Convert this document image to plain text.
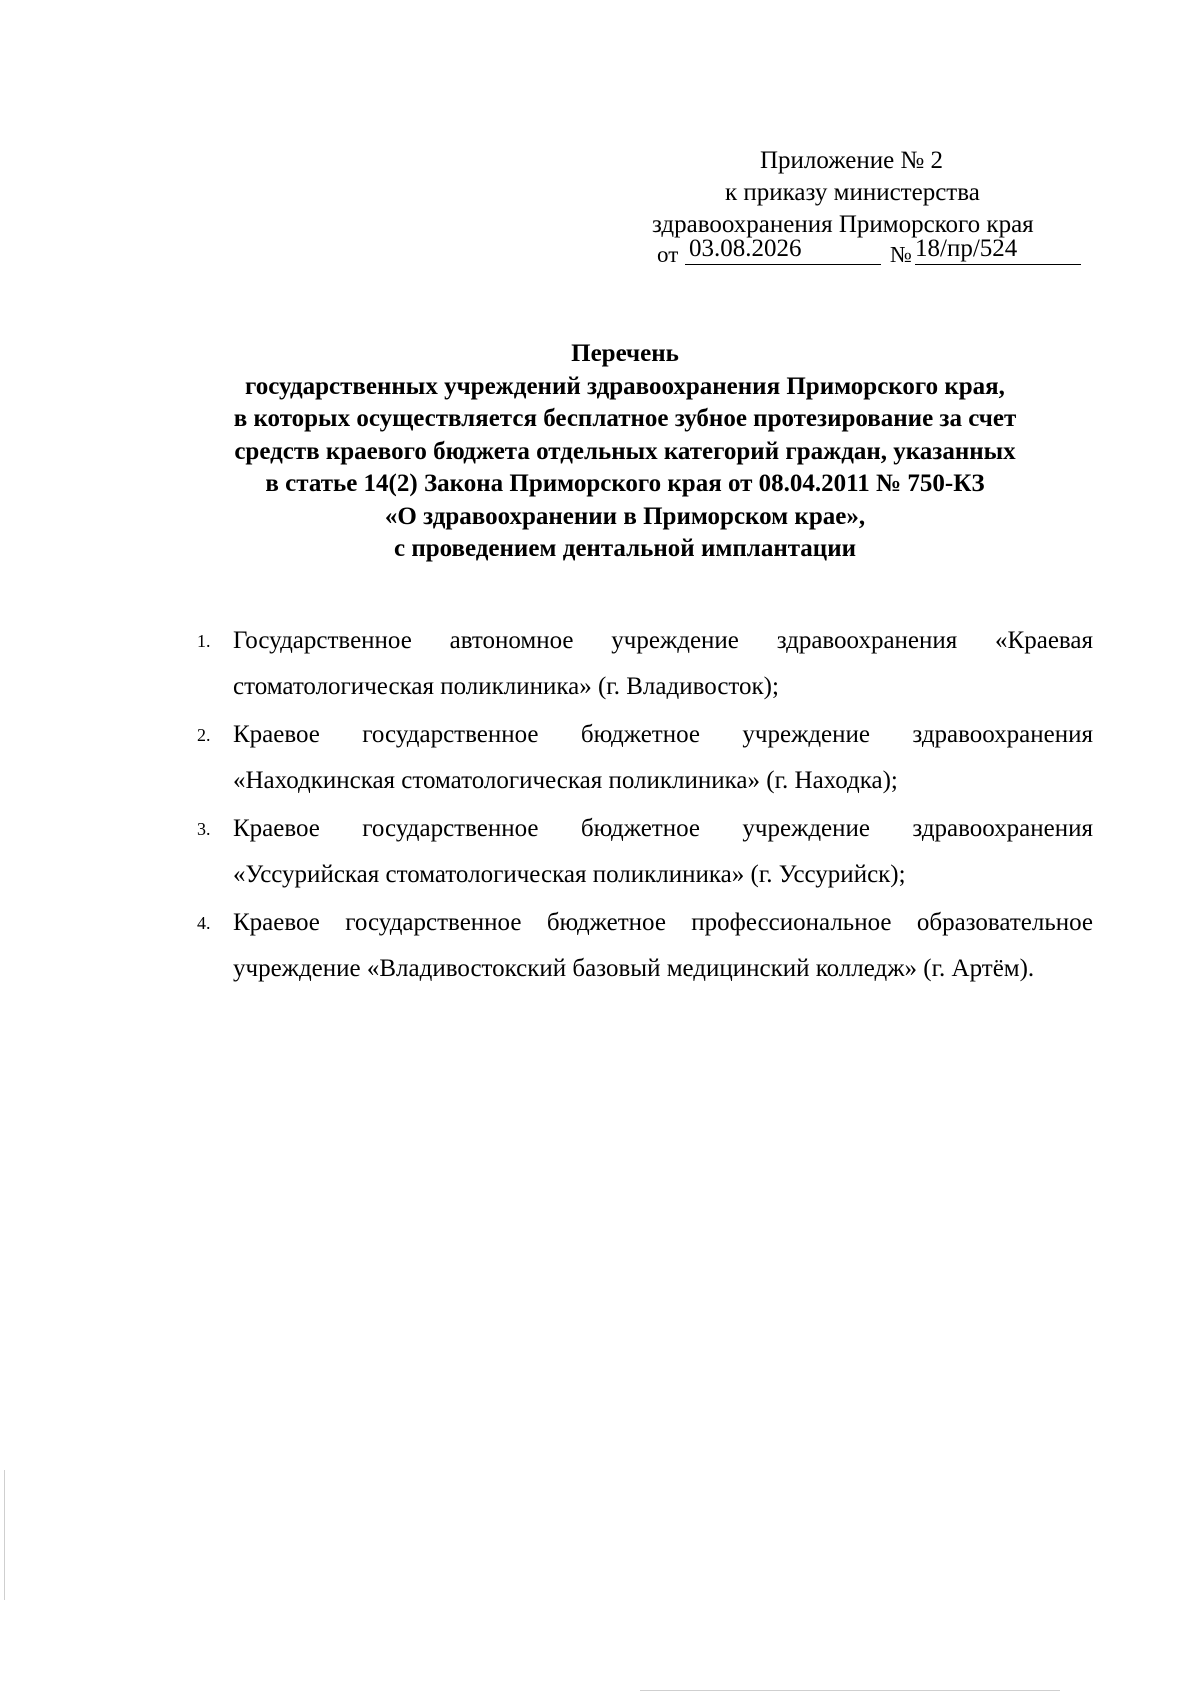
Приложение № 2
к приказу министерства
здравоохранения Приморского края
от 03.08.2026	№ 18/пр/524

Перечень

государственных учреждений здравоохранения Приморского края,

в которых осуществляется бесплатное зубное протезирование за счет

средств краевого бюджета отдельных категорий граждан, указанных

в статье 14(2) Закона Приморского края от 08.04.2011 № 750-КЗ

«О здравоохранении в Приморском крае»,

с проведением дентальной имплантации

1. Государственное автономное учреждение здравоохранения «Краевая стоматологическая поликлиника» (г. Владивосток);
2. Краевое государственное бюджетное учреждение здравоохранения «Находкинская стоматологическая поликлиника» (г. Находка);
3. Краевое государственное бюджетное учреждение здравоохранения «Уссурийская стоматологическая поликлиника» (г. Уссурийск);
4. Краевое государственное бюджетное профессиональное образовательное учреждение «Владивостокский базовый медицинский колледж» (г. Артём).
